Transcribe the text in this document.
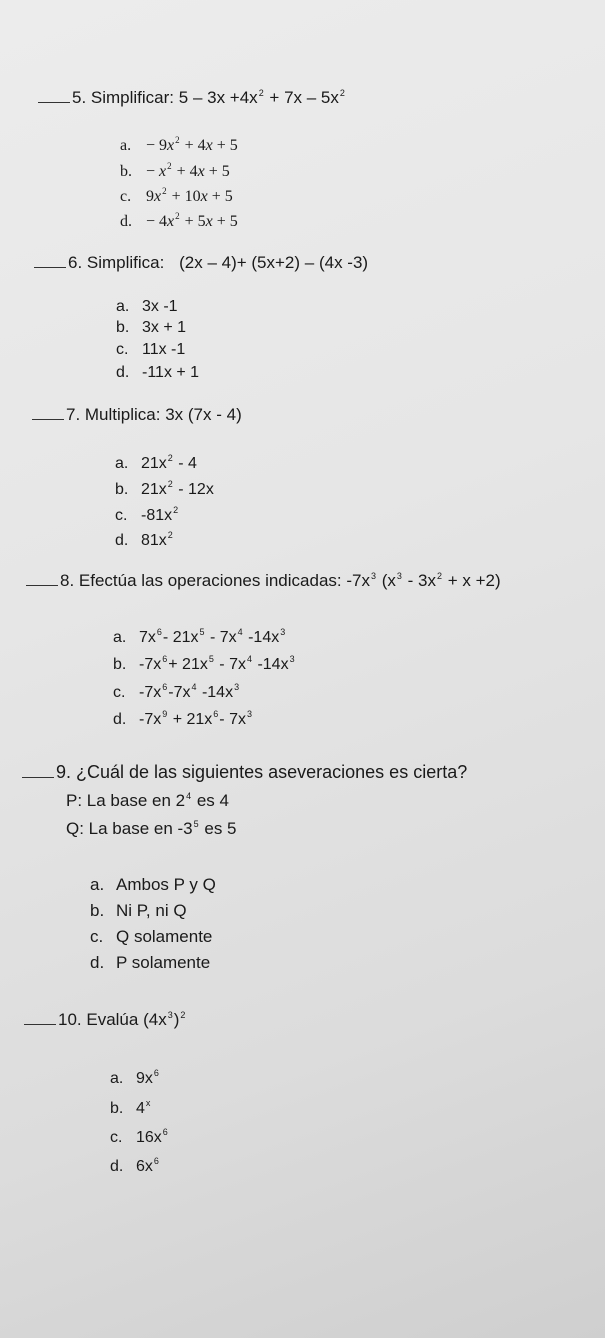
5. Simplificar: $5 - 3x +4x^2 + 7x - 5x^2$
a. − $9x^2 + 4x + 5$
b. − $x^2 + 4x + 5$
c. $9x^2 + 10x + 5$
d. − $4x^2 + 5x + 5$
6. Simplifica: (2x – 4)+ (5x+2) – (4x -3)
a. 3x -1
b. 3x + 1
c. 11x -1
d. -11x + 1
7. Multiplica: 3x (7x - 4)
a. $21x^2 - 4$
b. $21x^2 - 12x$
c. $-81x^2$
d. $81x^2$
8. Efectúa las operaciones indicadas: $-7x^3$ $(x^3 - 3x^2 + x +2)$
a. $7x^6-$ $21x^5 - 7x^4$ $-14x^3$
b. $-7x^6+ 21x^5 - 7x^4$ $-14x^3$
c. $-7x^6-7x^4$ $-14x^3$
d. $-7x^9 + 21x^6-$ $7x^3$
9. ¿Cuál de las siguientes aseveraciones es cierta?
P: La base en $2^4$ es 4
Q: La base en $-3^5$ es 5
a. Ambos P y Q
b. Ni P, ni Q
c. Q solamente
d. P solamente
10. Evalúa $(4x^3)^2$
a. $9x^6$
b. 4$^x$
c. $16x^6$
d. $6x^6$
